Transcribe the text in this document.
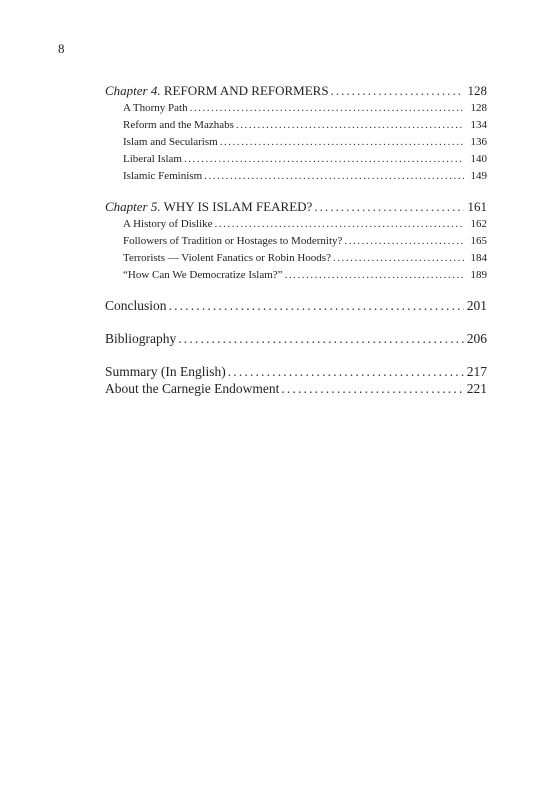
8
Chapter 4. REFORM AND REFORMERS . . .	128
A Thorny Path . . .	128
Reform and the Mazhabs . . .	134
Islam and Secularism . . .	136
Liberal Islam . . .	140
Islamic Feminism . . .	149
Chapter 5. WHY IS ISLAM FEARED? . . .	161
A History of Dislike . . .	162
Followers of Tradition or Hostages to Modernity? . . .	165
Terrorists — Violent Fanatics or Robin Hoods? . . .	184
“How Can We Democratize Islam?” . . .	189
Conclusion . . .	201
Bibliography . . .	206
Summary (In English) . . .	217
About the Carnegie Endowment . . .	221
